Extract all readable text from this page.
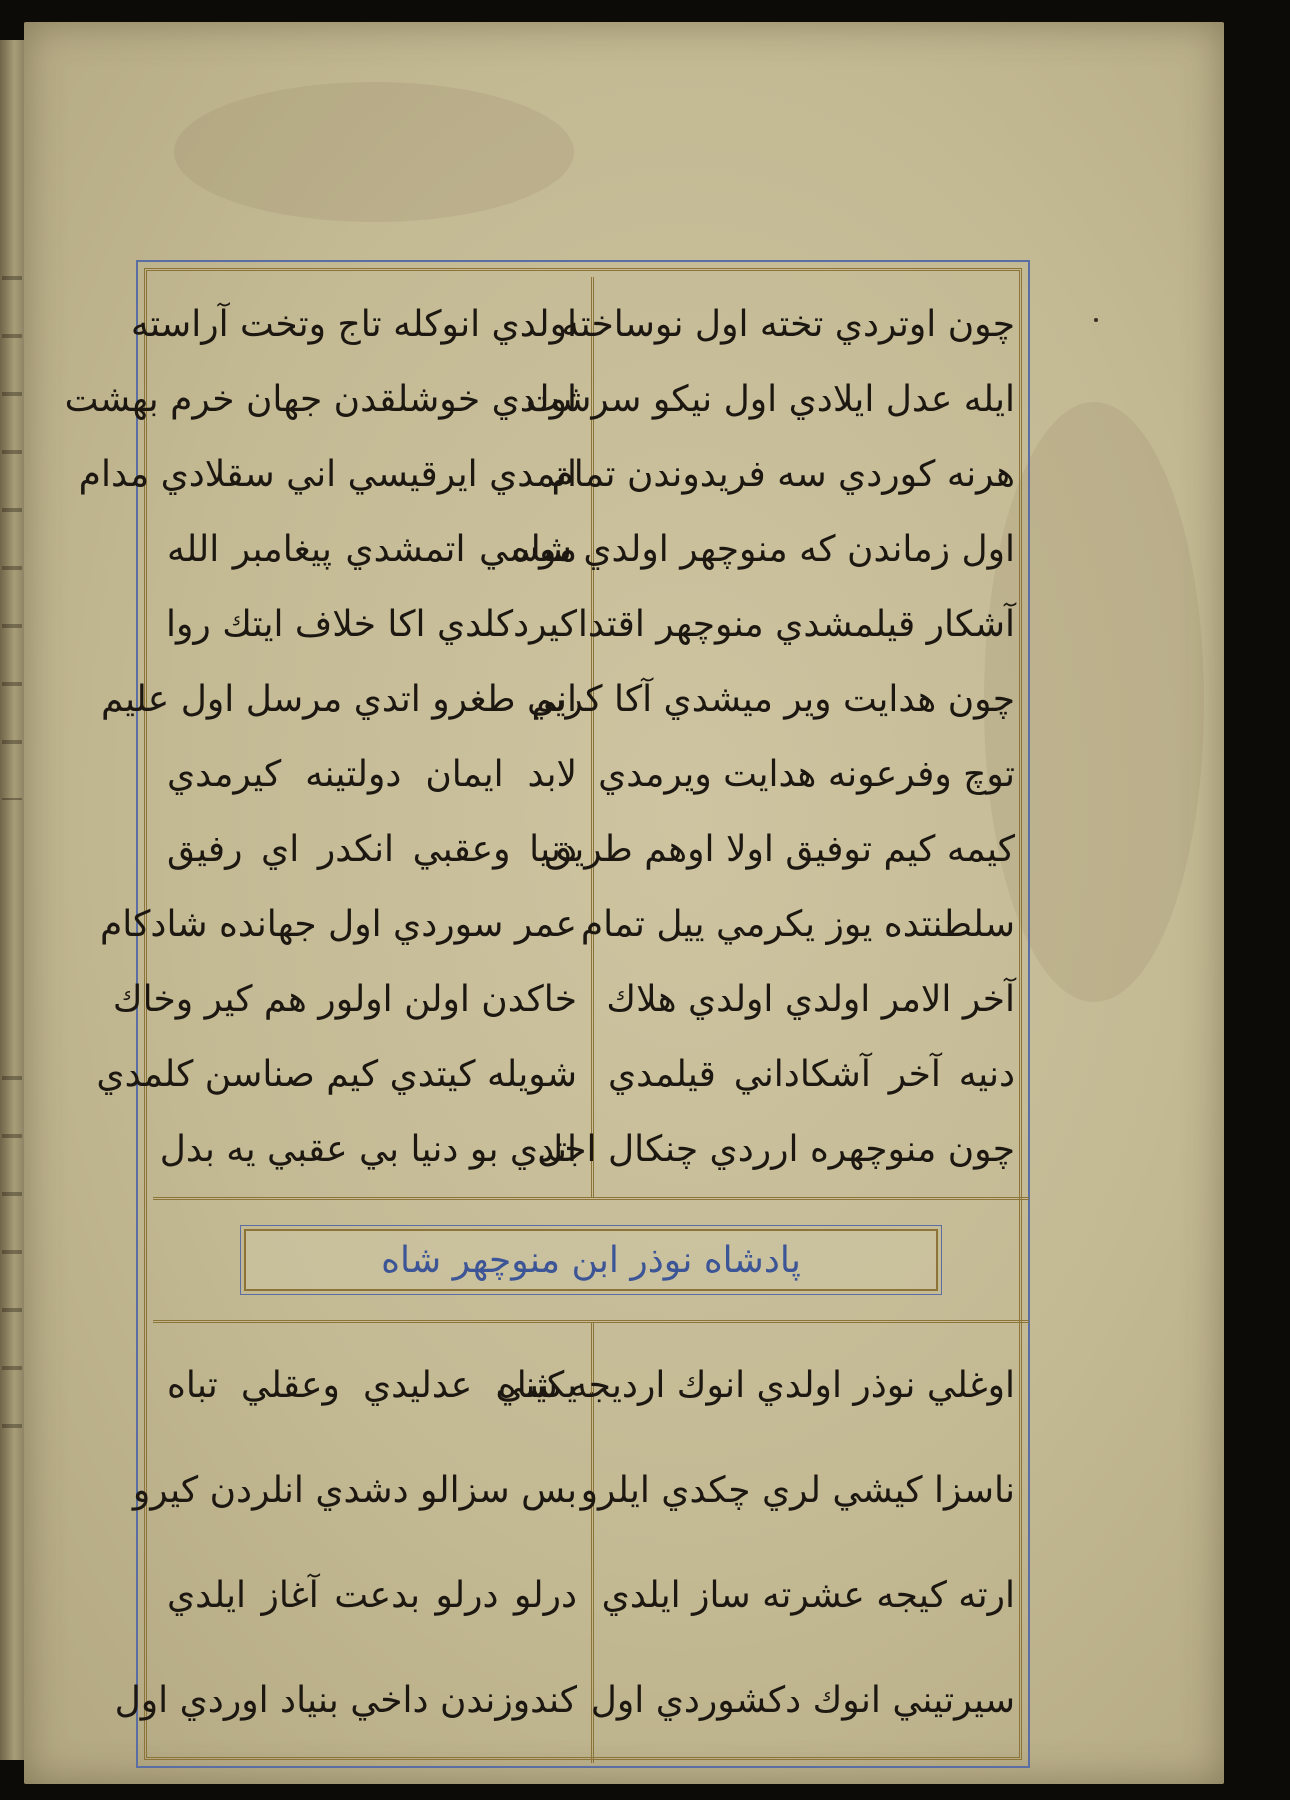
اولدي انوكله تاج وتخت آراسته
اولدي خوشلقدن جهان خرم بهشت
اتمدي ايرقيسي اني سقلادي مدام
موسي اتمشدي پيغامبر الله
كيردكلدي اكا خلاف ايتك روا
اني طغرو اتدي مرسل اول عليم
لابد ايمان دولتينه كيرمدي
دنيا وعقبي انكدر اي رفيق
عمر سوردي اول جهانده شادكام
خاكدن اولن اولور هم كير وخاك
شويله كيتدي كيم صناسن كلمدي
اتدي بو دنيا بي عقبي يه بدل
چون اوتردي تخته اول نوساخته
ايله عدل ايلادي اول نيكو سرشت
هرنه كوردي سه فريدوندن تمام
اول زماندن كه منوچهر اولدي شاه
آشكار قيلمشدي منوچهر اقتدا
چون هدايت وير ميشدي آكا كريم
توچ وفرعونه هدايت ويرمدي
كيمه كيم توفيق اولا اوهم طريق
سلطنتده يوز يكرمي ييل تمام
آخر الامر اولدي اولدي هلاك
دنيه آخر آشكاداني قيلمدي
چون منوچهره ارردي چنكال اجل
پادشاه نوذر ابن منوچهر شاه
يكيني عدليدي وعقلي تباه
بس سزالو دشدي انلردن كيرو
درلو درلو بدعت آغاز ايلدي
كندوزندن داخي بنياد اوردي اول
اوغلي نوذر اولدي انوك ارديجه شاه
ناسزا كيشي لري چكدي ايلرو
ارته كيجه عشرته ساز ايلدي
سيرتيني انوك دكشوردي اول
